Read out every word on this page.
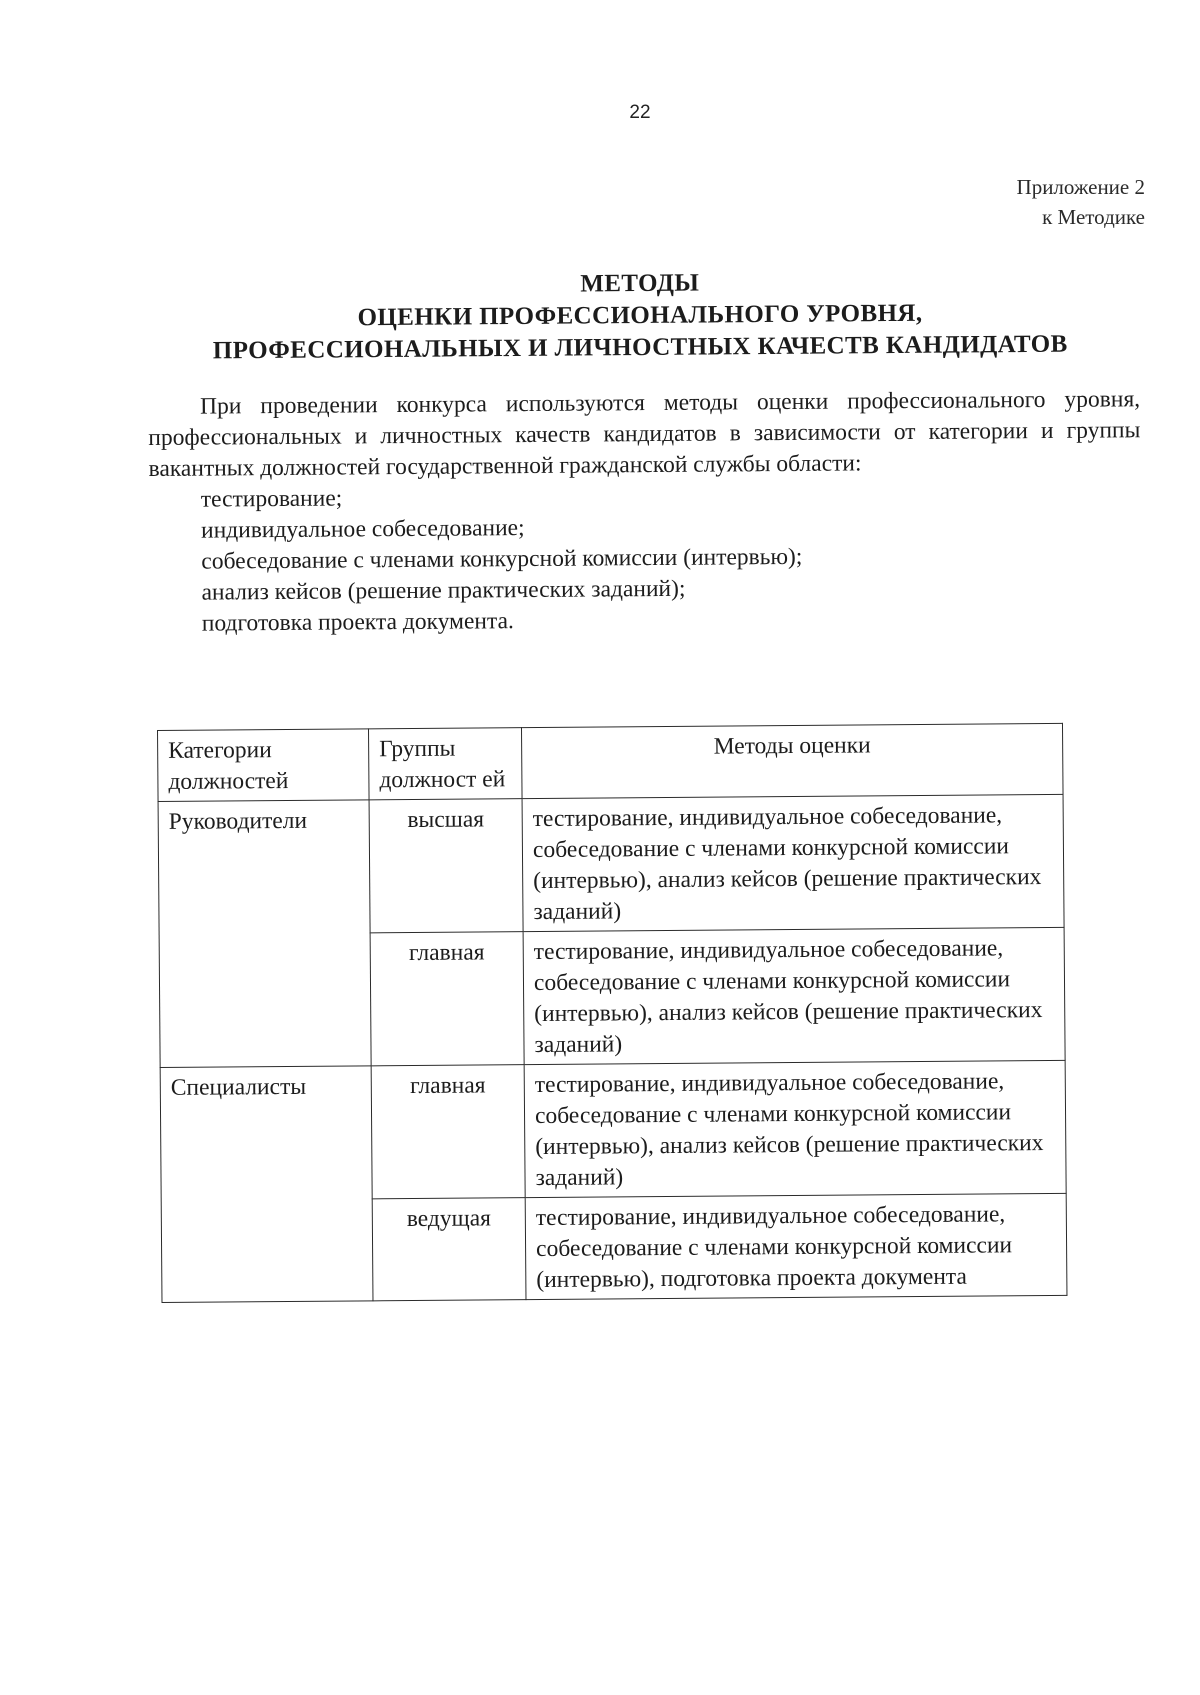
22
Приложение 2
к Методике
МЕТОДЫ
ОЦЕНКИ ПРОФЕССИОНАЛЬНОГО УРОВНЯ,
ПРОФЕССИОНАЛЬНЫХ И ЛИЧНОСТНЫХ КАЧЕСТВ КАНДИДАТОВ

При проведении конкурса используются методы оценки профессионального уровня, профессиональных и личностных качеств кандидатов в зависимости от категории и группы вакантных должностей государственной гражданской службы области:

тестирование;
индивидуальное собеседование;
собеседование с членами конкурсной комиссии (интервью);
анализ кейсов (решение практических заданий);
подготовка проекта документа.
Категории должностей	Группы должност ей	Методы оценки
Руководители	высшая	тестирование, индивидуальное собеседование, собеседование с членами конкурсной комиссии (интервью), анализ кейсов (решение практических заданий)
	главная	тестирование, индивидуальное собеседование, собеседование с членами конкурсной комиссии (интервью), анализ кейсов (решение практических заданий)
Специалисты	главная	тестирование, индивидуальное собеседование, собеседование с членами конкурсной комиссии (интервью), анализ кейсов (решение практических заданий)
	ведущая	тестирование, индивидуальное собеседование, собеседование с членами конкурсной комиссии (интервью), подготовка проекта документа
